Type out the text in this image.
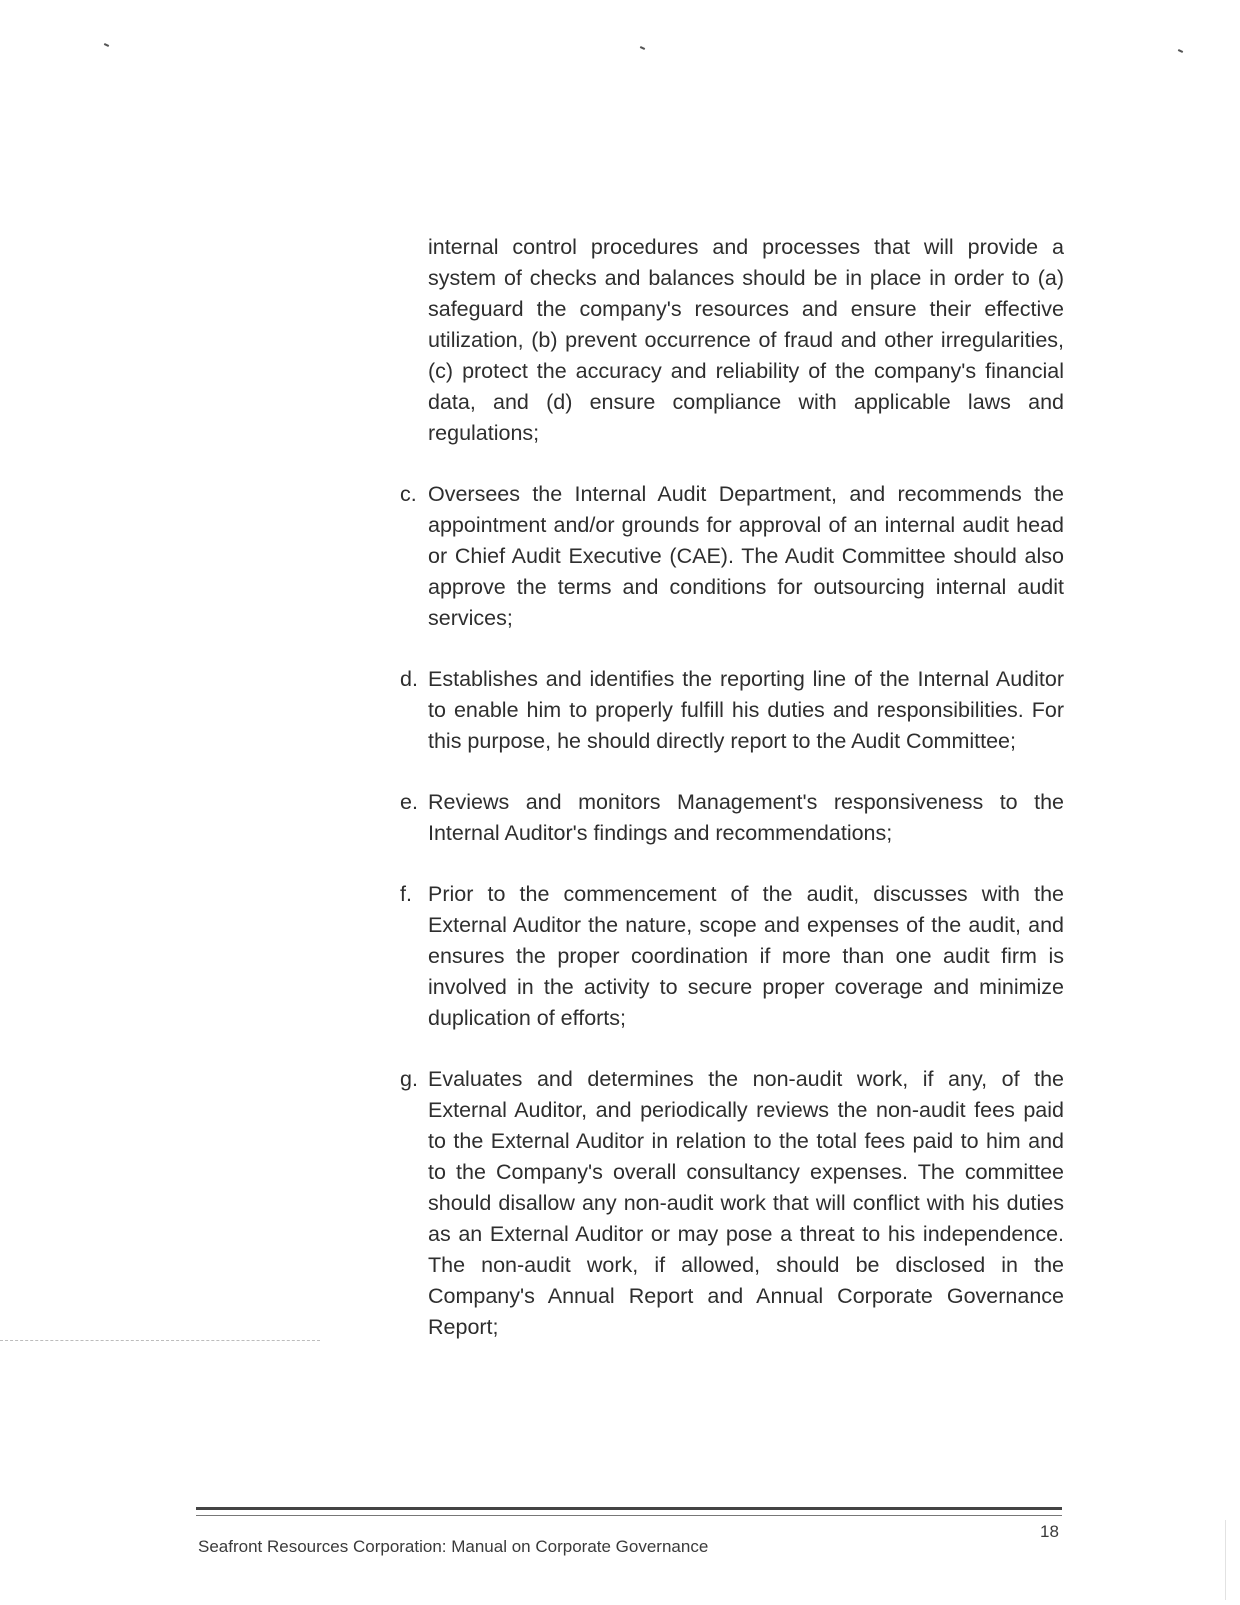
internal control procedures and processes that will provide a system of checks and balances should be in place in order to (a) safeguard the company's resources and ensure their effective utilization, (b) prevent occurrence of fraud and other irregularities, (c) protect the accuracy and reliability of the company's financial data, and (d) ensure compliance with applicable laws and regulations;

c. Oversees the Internal Audit Department, and recommends the appointment and/or grounds for approval of an internal audit head or Chief Audit Executive (CAE). The Audit Committee should also approve the terms and conditions for outsourcing internal audit services;
d. Establishes and identifies the reporting line of the Internal Auditor to enable him to properly fulfill his duties and responsibilities. For this purpose, he should directly report to the Audit Committee;
e. Reviews and monitors Management's responsiveness to the Internal Auditor's findings and recommendations;
f. Prior to the commencement of the audit, discusses with the External Auditor the nature, scope and expenses of the audit, and ensures the proper coordination if more than one audit firm is involved in the activity to secure proper coverage and minimize duplication of efforts;
g. Evaluates and determines the non-audit work, if any, of the External Auditor, and periodically reviews the non-audit fees paid to the External Auditor in relation to the total fees paid to him and to the Company's overall consultancy expenses. The committee should disallow any non-audit work that will conflict with his duties as an External Auditor or may pose a threat to his independence. The non-audit work, if allowed, should be disclosed in the Company's Annual Report and Annual Corporate Governance Report;
18
Seafront Resources Corporation: Manual on Corporate Governance
